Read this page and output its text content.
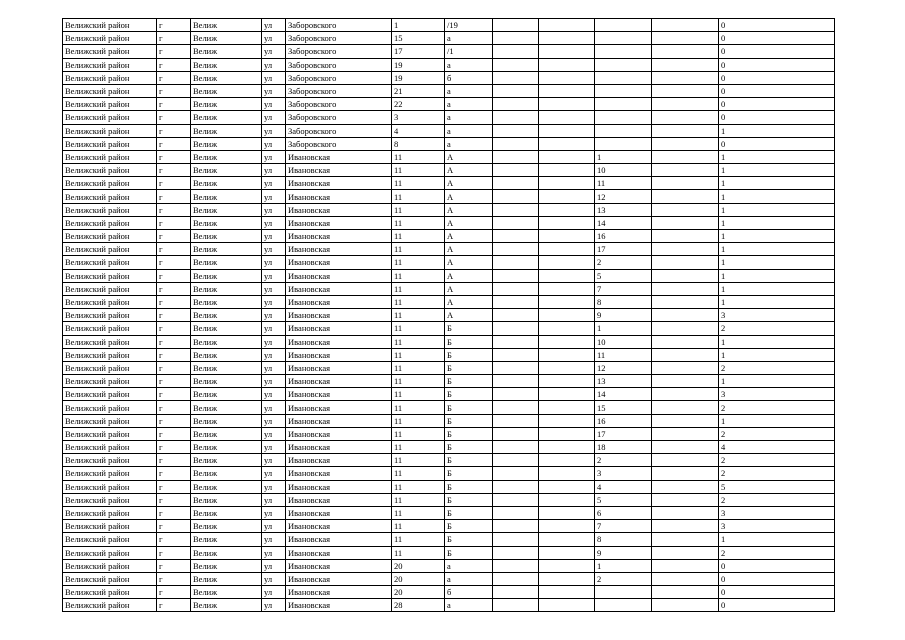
Велижский район	г	Велиж	ул	Заборовского	1	/19					0
Велижский район	г	Велиж	ул	Заборовского	15	а					0
Велижский район	г	Велиж	ул	Заборовского	17	/1					0
Велижский район	г	Велиж	ул	Заборовского	19	а					0
Велижский район	г	Велиж	ул	Заборовского	19	б					0
Велижский район	г	Велиж	ул	Заборовского	21	а					0
Велижский район	г	Велиж	ул	Заборовского	22	а					0
Велижский район	г	Велиж	ул	Заборовского	3	а					0
Велижский район	г	Велиж	ул	Заборовского	4	а					1
Велижский район	г	Велиж	ул	Заборовского	8	а					0
Велижский район	г	Велиж	ул	Ивановская	11	А			1		1
Велижский район	г	Велиж	ул	Ивановская	11	А			10		1
Велижский район	г	Велиж	ул	Ивановская	11	А			11		1
Велижский район	г	Велиж	ул	Ивановская	11	А			12		1
Велижский район	г	Велиж	ул	Ивановская	11	А			13		1
Велижский район	г	Велиж	ул	Ивановская	11	А			14		1
Велижский район	г	Велиж	ул	Ивановская	11	А			16		1
Велижский район	г	Велиж	ул	Ивановская	11	А			17		1
Велижский район	г	Велиж	ул	Ивановская	11	А			2		1
Велижский район	г	Велиж	ул	Ивановская	11	А			5		1
Велижский район	г	Велиж	ул	Ивановская	11	А			7		1
Велижский район	г	Велиж	ул	Ивановская	11	А			8		1
Велижский район	г	Велиж	ул	Ивановская	11	А			9		3
Велижский район	г	Велиж	ул	Ивановская	11	Б			1		2
Велижский район	г	Велиж	ул	Ивановская	11	Б			10		1
Велижский район	г	Велиж	ул	Ивановская	11	Б			11		1
Велижский район	г	Велиж	ул	Ивановская	11	Б			12		2
Велижский район	г	Велиж	ул	Ивановская	11	Б			13		1
Велижский район	г	Велиж	ул	Ивановская	11	Б			14		3
Велижский район	г	Велиж	ул	Ивановская	11	Б			15		2
Велижский район	г	Велиж	ул	Ивановская	11	Б			16		1
Велижский район	г	Велиж	ул	Ивановская	11	Б			17		2
Велижский район	г	Велиж	ул	Ивановская	11	Б			18		4
Велижский район	г	Велиж	ул	Ивановская	11	Б			2		2
Велижский район	г	Велиж	ул	Ивановская	11	Б			3		2
Велижский район	г	Велиж	ул	Ивановская	11	Б			4		5
Велижский район	г	Велиж	ул	Ивановская	11	Б			5		2
Велижский район	г	Велиж	ул	Ивановская	11	Б			6		3
Велижский район	г	Велиж	ул	Ивановская	11	Б			7		3
Велижский район	г	Велиж	ул	Ивановская	11	Б			8		1
Велижский район	г	Велиж	ул	Ивановская	11	Б			9		2
Велижский район	г	Велиж	ул	Ивановская	20	а			1		0
Велижский район	г	Велиж	ул	Ивановская	20	а			2		0
Велижский район	г	Велиж	ул	Ивановская	20	б					0
Велижский район	г	Велиж	ул	Ивановская	28	а					0
